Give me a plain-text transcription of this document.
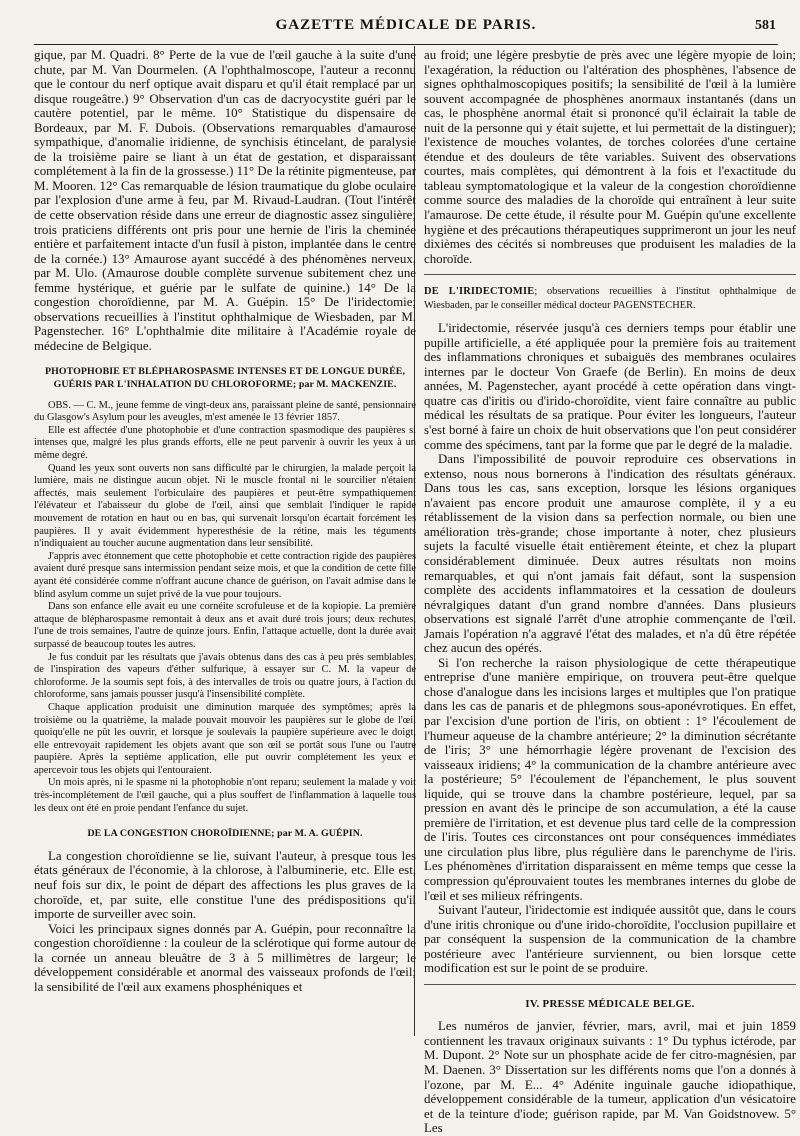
GAZETTE MÉDICALE DE PARIS.	581

gique, par M. Quadri. 8° Perte de la vue de l'œil gauche à la suite d'une chute, par M. Van Dourmelen. (A l'ophthalmoscope, l'auteur a reconnu que le contour du nerf optique avait disparu et qu'il était remplacé par un disque rougeâtre.) 9° Observation d'un cas de dacryocystite guéri par le cautère potentiel, par le même. 10° Statistique du dispensaire de Bordeaux, par M. F. Dubois. (Observations remarquables d'amaurose sympathique, d'anomalie iridienne, de synchisis étincelant, de paralysie de la troisième paire se liant à un état de gestation, et disparaissant complétement à la fin de la grossesse.) 11° De la rétinite pigmenteuse, par M. Mooren. 12° Cas remarquable de lésion traumatique du globe oculaire par l'explosion d'une arme à feu, par M. Rivaud-Laudran. (Tout l'intérêt de cette observation réside dans une erreur de diagnostic assez singulière; trois praticiens différents ont pris pour une hernie de l'iris la cheminée entière et parfaitement intacte d'un fusil à piston, implantée dans le centre de la cornée.) 13° Amaurose ayant succédé à des phénomènes nerveux, par M. Ulo. (Amaurose double complète survenue subitement chez une femme hystérique, et guérie par le sulfate de quinine.) 14° De la congestion choroïdienne, par M. A. Guépin. 15° De l'iridectomie; observations recueillies à l'institut ophthalmique de Wiesbaden, par M. Pagenstecher. 16° L'ophthalmie dite militaire à l'Académie royale de médecine de Belgique.

PHOTOPHOBIE ET BLÉPHAROSPASME INTENSES ET DE LONGUE DURÉE, GUÉRIS PAR L'INHALATION DU CHLOROFORME; par M. MACKENZIE.

OBS. — C. M., jeune femme de vingt-deux ans, paraissant pleine de santé, pensionnaire du Glasgow's Asylum pour les aveugles, m'est amenée le 13 février 1857.

Elle est affectée d'une photophobie et d'une contraction spasmodique des paupières si intenses que, malgré les plus grands efforts, elle ne peut parvenir à ouvrir les yeux à un même degré.

Quand les yeux sont ouverts non sans difficulté par le chirurgien, la malade perçoit la lumière, mais ne distingue aucun objet. Ni le muscle frontal ni le sourcilier n'étaient affectés, mais seulement l'orbiculaire des paupières et peut-être sympathiquement l'élévateur et l'abaisseur du globe de l'œil, ainsi que semblait l'indiquer le rapide mouvement de rotation en haut ou en bas, qui survenait lorsqu'on écartait forcément les paupières. Il y avait évidemment hyperesthésie de la rétine, mais les téguments n'indiquaient au toucher aucune augmentation dans leur sensibilité.

J'appris avec étonnement que cette photophobie et cette contraction rigide des paupières avaient duré presque sans intermission pendant seize mois, et que la condition de cette fille ayant été considérée comme n'offrant aucune chance de guérison, on l'avait admise dans le blind asylum comme un sujet privé de la vue pour toujours.

Dans son enfance elle avait eu une cornéite scrofuleuse et de la kopiopie. La première attaque de blépharospasme remontait à deux ans et avait duré trois jours; deux rechutes, l'une de trois semaines, l'autre de quinze jours. Enfin, l'attaque actuelle, dont la durée avait surpassé de beaucoup toutes les autres.

Je fus conduit par les résultats que j'avais obtenus dans des cas à peu près semblables, de l'inspiration des vapeurs d'éther sulfurique, à essayer sur C. M. la vapeur de chloroforme. Je la soumis sept fois, à des intervalles de trois ou quatre jours, à l'action du chloroforme, sans jamais pousser jusqu'à l'insensibilité complète.

Chaque application produisit une diminution marquée des symptômes; après la troisième ou la quatrième, la malade pouvait mouvoir les paupières sur le globe de l'œil quoiqu'elle ne pût les ouvrir, et lorsque je soulevais la paupière supérieure avec le doigt, elle entrevoyait rapidement les objets avant que son œil se portât sous l'une ou l'autre paupière. Après la septième application, elle put ouvrir complétement les yeux et apercevoir tous les objets qui l'entouraient.

Un mois après, ni le spasme ni la photophobie n'ont reparu; seulement la malade y voit très-incomplétement de l'œil gauche, qui a plus souffert de l'inflammation à laquelle tous les deux ont été en proie pendant l'enfance du sujet.

DE LA CONGESTION CHOROÏDIENNE; par M. A. GUÉPIN.

La congestion choroïdienne se lie, suivant l'auteur, à presque tous les états généraux de l'économie, à la chlorose, à l'albuminerie, etc. Elle est, neuf fois sur dix, le point de départ des affections les plus graves de la choroïde, et, par suite, elle constitue l'une des prédispositions qu'il importe de surveiller avec soin.

Voici les principaux signes donnés par A. Guépin, pour reconnaître la congestion choroïdienne : la couleur de la sclérotique qui forme autour de la cornée un anneau bleuâtre de 3 à 5 millimètres de largeur; le développement considérable et anormal des vaisseaux profonds de l'œil; la sensibilité de l'œil aux examens phosphéniques et

au froid; une légère presbytie de près avec une légère myopie de loin; l'exagération, la réduction ou l'altération des phosphènes, l'absence de signes ophthalmoscopiques positifs; la sensibilité de l'œil à la lumière souvent accompagnée de phosphènes anormaux instantanés (dans un cas, le phosphène anormal était si prononcé qu'il éclairait la table de nuit de la personne qui y était sujette, et lui permettait de la distinguer); l'existence de mouches volantes, de torches colorées d'une certaine étendue et des douleurs de tête variables. Suivent des observations courtes, mais complètes, qui démontrent à la fois et l'exactitude du tableau symptomatologique et la valeur de la congestion choroïdienne comme source des maladies de la choroïde qui entraînent à leur suite l'amaurose. De cette étude, il résulte pour M. Guépin qu'une excellente hygiène et des précautions thérapeutiques supprimeront un jour les neuf dixièmes des cécités si nombreuses que produisent les maladies de la choroïde.

DE L'IRIDECTOMIE; observations recueillies à l'institut ophthalmique de Wiesbaden, par le conseiller médical docteur PAGENSTECHER.

L'iridectomie, réservée jusqu'à ces derniers temps pour établir une pupille artificielle, a été appliquée pour la première fois au traitement des inflammations chroniques et subaiguës des membranes oculaires internes par le docteur Von Graefe (de Berlin). En moins de deux années, M. Pagenstecher, ayant procédé à cette opération dans vingt-quatre cas d'iritis ou d'irido-choroïdite, vient faire connaître au public médical les résultats de sa pratique. Pour éviter les longueurs, l'auteur s'est borné à faire un choix de huit observations que l'on peut considérer comme des spécimens, tant par la forme que par le degré de la maladie.

Dans l'impossibilité de pouvoir reproduire ces observations in extenso, nous nous bornerons à l'indication des résultats généraux. Dans tous les cas, sans exception, lorsque les lésions organiques n'avaient pas encore produit une amaurose complète, il y a eu rétablissement de la vision dans sa perfection normale, ou bien une amélioration très-grande; chose importante à noter, chez plusieurs sujets la faculté visuelle était entièrement éteinte, et chez la plupart considérablement diminuée. Deux autres résultats non moins remarquables, et qui n'ont jamais fait défaut, sont la suspension complète des accidents inflammatoires et la cessation de douleurs névralgiques datant d'un grand nombre d'années. Dans plusieurs observations est signalé l'arrêt d'une atrophie commençante de l'œil. Jamais l'opération n'a aggravé l'état des malades, et n'a dû être répétée chez aucun des opérés.

Si l'on recherche la raison physiologique de cette thérapeutique entreprise d'une manière empirique, on trouvera peut-être quelque chose d'analogue dans les incisions larges et multiples que l'on pratique dans les cas de panaris et de phlegmons sous-aponévrotiques. En effet, par l'excision d'une portion de l'iris, on obtient : 1° l'écoulement de l'humeur aqueuse de la chambre antérieure; 2° la diminution sécrétante de l'iris; 3° une hémorrhagie légère provenant de l'excision des vaisseaux iridiens; 4° la communication de la chambre antérieure avec la postérieure; 5° l'écoulement de l'épanchement, le plus souvent liquide, qui se trouve dans la chambre postérieure, lequel, par sa pression en avant dès le principe de son accumulation, a été la cause première de l'irritation, et est devenue plus tard celle de la compression de l'iris. Toutes ces circonstances ont pour conséquences immédiates une circulation plus libre, plus régulière dans le parenchyme de l'iris. Les phénomènes d'irritation disparaissent en même temps que cesse la compression qu'éprouvaient toutes les membranes internes du globe de l'œil et ses milieux réfringents.

Suivant l'auteur, l'iridectomie est indiquée aussitôt que, dans le cours d'une iritis chronique ou d'une irido-choroïdite, l'occlusion pupillaire et par conséquent la suspension de la communication de la chambre postérieure avec l'antérieure surviennent, ou bien lorsque cette modification est sur le point de se produire.

IV. PRESSE MÉDICALE BELGE.

Les numéros de janvier, février, mars, avril, mai et juin 1859 contiennent les travaux originaux suivants : 1° Du typhus ictérode, par M. Dupont. 2° Note sur un phosphate acide de fer citro-magnésien, par M. Daenen. 3° Dissertation sur les différents noms que l'on a donnés à l'ozone, par M. E... 4° Adénite inguinale gauche idiopathique, développement considérable de la tumeur, application d'un vésicatoire et de la teinture d'iode; guérison rapide, par M. Van Goidstnovew. 5° Les
